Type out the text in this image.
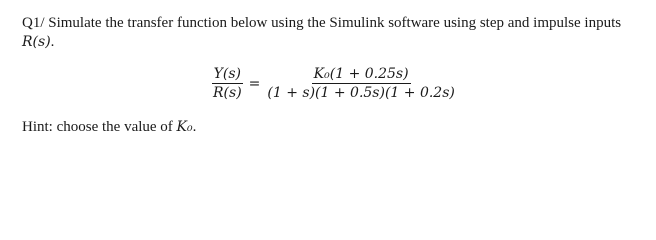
Q1/ Simulate the transfer function below using the Simulink software using step and impulse inputs R(s).
$\frac{Y(s)}{R(s)} = \frac{\text{K₀(1 + 0.25s)}}{(1 + s)(1 + 0.5s)(1 + 0.2s)}$
Hint: choose the value of K₀.
